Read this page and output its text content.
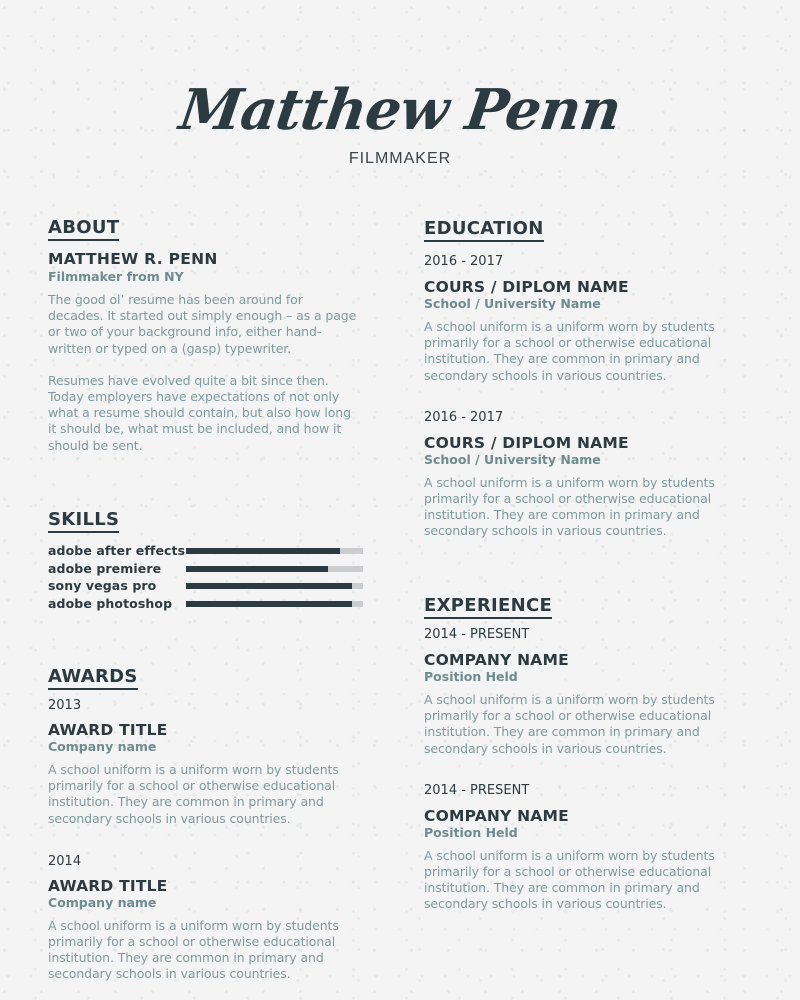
Matthew Penn
FILMMAKER
ABOUT
MATTHEW R. PENN
Filmmaker from NY
The good ol’ resume has been around for decades. It started out simply enough – as a page or two of your background info, either hand-written or typed on a (gasp) typewriter.
Resumes have evolved quite a bit since then. Today employers have expectations of not only what a resume should contain, but also how long it should be, what must be included, and how it should be sent.
SKILLS
adobe after effects
adobe premiere
sony vegas pro
adobe photoshop
AWARDS
2013
AWARD TITLE
Company name
A school uniform is a uniform worn by students primarily for a school or otherwise educational institution. They are common in primary and secondary schools in various countries.
2014
AWARD TITLE
Company name
A school uniform is a uniform worn by students primarily for a school or otherwise educational institution. They are common in primary and secondary schools in various countries.
EDUCATION
2016 - 2017
COURS / DIPLOM NAME
School / University Name
A school uniform is a uniform worn by students primarily for a school or otherwise educational institution. They are common in primary and secondary schools in various countries.
2016 - 2017
COURS / DIPLOM NAME
School / University Name
A school uniform is a uniform worn by students primarily for a school or otherwise educational institution. They are common in primary and secondary schools in various countries.
EXPERIENCE
2014 - PRESENT
COMPANY NAME
Position Held
A school uniform is a uniform worn by students primarily for a school or otherwise educational institution. They are common in primary and secondary schools in various countries.
2014 - PRESENT
COMPANY NAME
Position Held
A school uniform is a uniform worn by students primarily for a school or otherwise educational institution. They are common in primary and secondary schools in various countries.
